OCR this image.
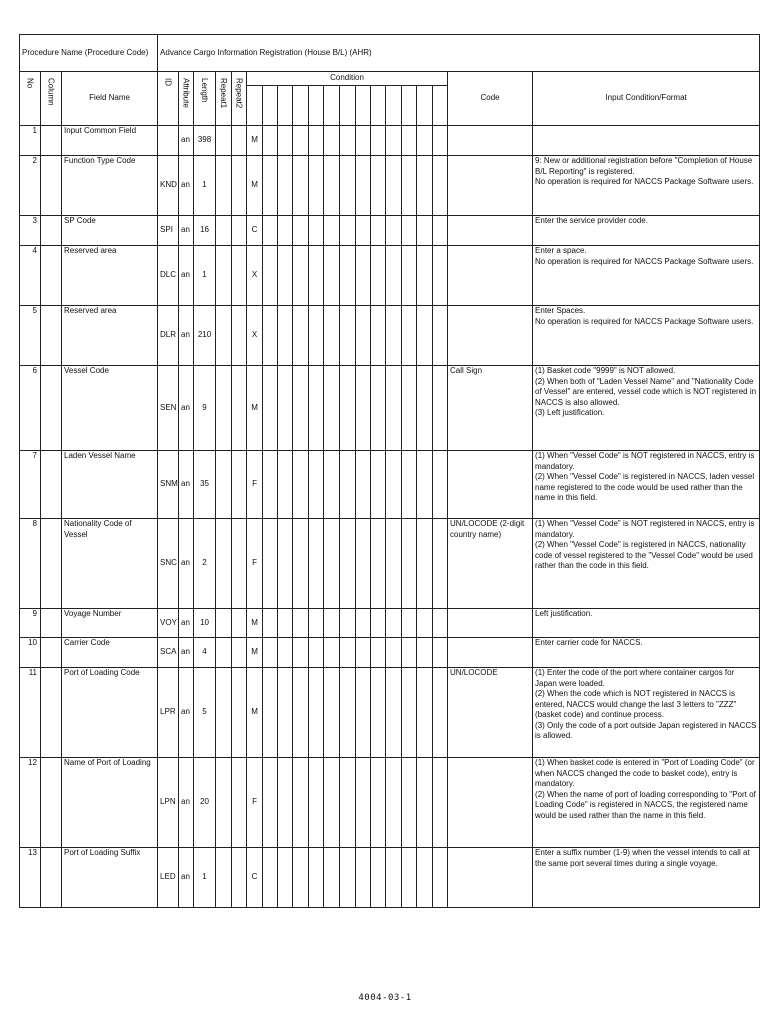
Procedure Name (Procedure Code)			Advance Cargo Information Registration (House B/L) (AHR)																			
No	Column	Field Name	ID	Attribute	Length	Repeat1	Repeat2	Condition													Code	Input Condition/Format

1		Input Common Field		an	398			M														
2		Function Type Code	KND	an	1			M														9: New or additional registration before "Completion of House B/L Reporting" is registered.
No operation is required for NACCS Package Software users.

3		SP Code	SPI	an	16			C														Enter the service provider code.

4		Reserved area	DLC	an	1			X														Enter a space.
No operation is required for NACCS Package Software users.

5		Reserved area	DLR	an	210			X														Enter Spaces.
No operation is required for NACCS Package Software users.

6		Vessel Code	SEN	an	9			M													Call Sign	(1) Basket code "9999" is NOT allowed.
(2) When both of "Laden Vessel Name" and "Nationality Code of Vessel" are entered, vessel code which is NOT registered in NACCS is also allowed.
(3) Left justification.

7		Laden Vessel Name	SNM	an	35			F														(1) When "Vessel Code" is NOT registered in NACCS, entry is mandatory.
(2) When "Vessel Code" is registered in NACCS, laden vessel name registered to the code would be used rather than the name in this field.

8		Nationality Code of Vessel	SNC	an	2			F													UN/LOCODE (2-digit country name)	(1) When "Vessel Code" is NOT registered in NACCS, entry is mandatory.
(2) When "Vessel Code" is registered in NACCS, nationality code of vessel registered to the "Vessel Code" would be used rather than the code in this field.

9		Voyage Number	VOY	an	10			M														Left justification.

10		Carrier Code	SCA	an	4			M														Enter carrier code for NACCS.

11		Port of Loading Code	LPR	an	5			M													UN/LOCODE	(1) Enter the code of the port where container cargos for Japan were loaded.
(2) When the code which is NOT registered in NACCS is entered, NACCS would change the last 3 letters to "ZZZ" (basket code) and continue process.
(3) Only the code of a port outside Japan registered in NACCS is allowed.

12		Name of Port of Loading	LPN	an	20			F														(1) When basket code is entered in "Port of Loading Code" (or when NACCS changed the code to basket code), entry is mandatory.
(2) When the name of port of loading corresponding to "Port of Loading Code" is registered in NACCS, the registered name would be used rather than the name in this field.

13		Port of Loading Suffix	LED	an	1			C														Enter a suffix number (1-9) when the vessel intends to call at the same port several times during a single voyage.
4004-03-1
